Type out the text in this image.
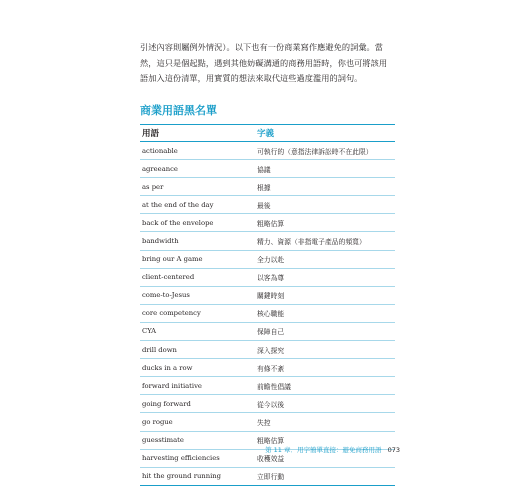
引述內容則屬例外情況）。以下也有一份商業寫作應避免的詞彙。當
然，這只是個起點，遇到其他妨礙溝通的商務用語時，你也可將該用
語加入這份清單，用實質的想法來取代這些過度濫用的詞句。

商業用語黑名單
用語	字義
actionable	可執行的（意指法律訴訟時不在此限）
agreeance	協議
as per	根據
at the end of the day	最後
back of the envelope	粗略估算
bandwidth	精力、資源（非指電子產品的頻寬）
bring our A game	全力以赴
client-centered	以客為尊
come-to-Jesus	關鍵時刻
core competency	核心職能
CYA	保障自己
drill down	深入探究
ducks in a row	有條不紊
forward initiative	前瞻性倡議
going forward	從今以後
go rogue	失控
guesstimate	粗略估算
harvesting efficiencies	收穫效益
hit the ground running	立即行動
第 11 章．用字簡單直接：避免商務用語 073
